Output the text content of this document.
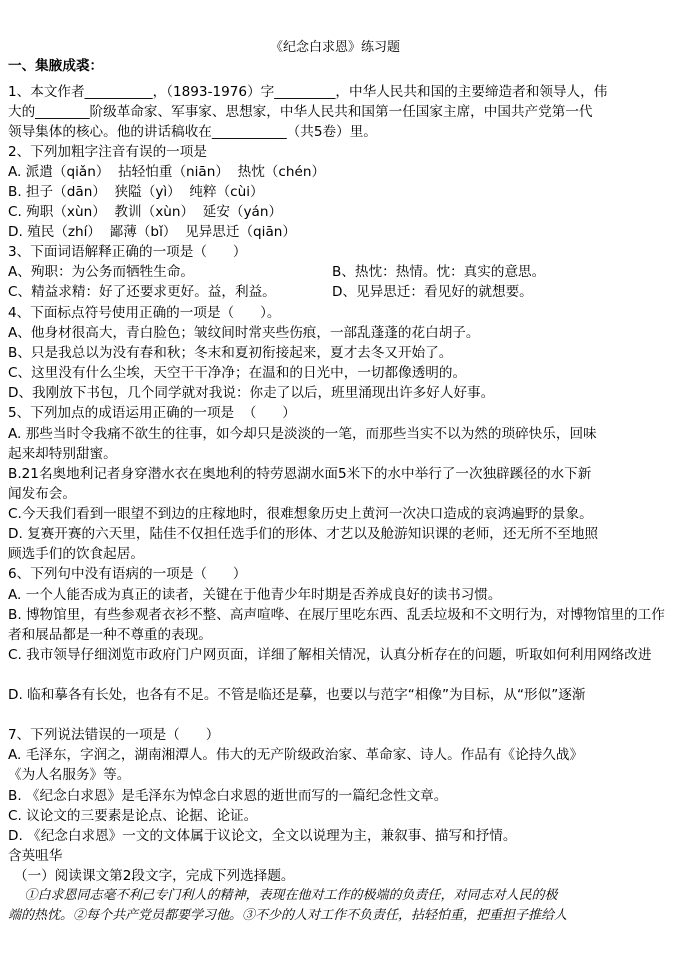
《纪念白求恩》练习题
一、集腋成裘：
1、本文作者__________，（1893-1976）字_________，中华人民共和国的主要缔造者和领导人，伟
大的________阶级革命家、军事家、思想家，中华人民共和国第一任国家主席，中国共产党第一代
领导集体的核心。他的讲话稿收在___________（共5卷）里。
2、下列加粗字注音有误的一项是
A. 派遣（qiǎn）  拈轻怕重（niān）  热忱（chén）
B. 担子（dān）  狭隘（yì）  纯粹（cùi）
C. 殉职（xùn）  教训（xùn）  延安（yán）
D. 殖民（zhí）  鄙薄（bǐ）  见异思迁（qiān）
3、下面词语解释正确的一项是（      ）
A、殉职：为公务而牺牲生命。	B、热忱：热情。忱：真实的意思。
C、精益求精：好了还要求更好。益，利益。	D、见异思迁：看见好的就想要。
4、下面标点符号使用正确的一项是（      ）。
A、他身材很高大，青白脸色；皱纹间时常夹些伤痕，一部乱蓬蓬的花白胡子。
B、只是我总以为没有春和秋；冬末和夏初衔接起来，夏才去冬又开始了。
C、这里没有什么尘埃，天空干干净净；在温和的日光中，一切都像透明的。
D、我刚放下书包，几个同学就对我说：你走了以后，班里涌现出许多好人好事。
5、下列加点的成语运用正确的一项是  （      ）
A. 那些当时令我痛不欲生的往事，如今却只是淡淡的一笔，而那些当实不以为然的琐碎快乐，回味
起来却特别甜蜜。
B.21名奥地利记者身穿潜水衣在奥地利的特劳恩湖水面5米下的水中举行了一次独辟蹊径的水下新
闻发布会。
C.今天我们看到一眼望不到边的庄稼地时，很难想象历史上黄河一次决口造成的哀鸿遍野的景象。
D. 复赛开赛的六天里，陆佳不仅担任选手们的形体、才艺以及舱游知识课的老师，还无所不至地照
顾选手们的饮食起居。
6、下列句中没有语病的一项是（      ）
A. 一个人能否成为真正的读者，关键在于他青少年时期是否养成良好的读书习惯。
B. 博物馆里，有些参观者衣衫不整、高声喧哗、在展厅里吃东西、乱丢垃圾和不文明行为，对博物馆里的工作
者和展品都是一种不尊重的表现。
C. 我市领导仔细浏览市政府门户网页面，详细了解相关情况，认真分析存在的问题，听取如何利用网络改进
D. 临和摹各有长处，也各有不足。不管是临还是摹，也要以与范字“相像”为目标，从“形似”逐渐
7、下列说法错误的一项是（      ）
A. 毛泽东，字润之，湖南湘潭人。伟大的无产阶级政治家、革命家、诗人。作品有《论持久战》
《为人名服务》等。
B. 《纪念白求恩》是毛泽东为悼念白求恩的逝世而写的一篇纪念性文章。
C. 议论文的三要素是论点、论据、论证。
D. 《纪念白求恩》一文的文体属于议论文，全文以说理为主，兼叙事、描写和抒情。
含英咀华
（一）阅读课文第2段文字，完成下列选择题。
①白求恩同志毫不利己专门利人的精神，表现在他对工作的极端的负责任，对同志对人民的极
端的热忱。②每个共产党员都要学习他。③不少的人对工作不负责任，拈轻怕重，把重担子推给人
